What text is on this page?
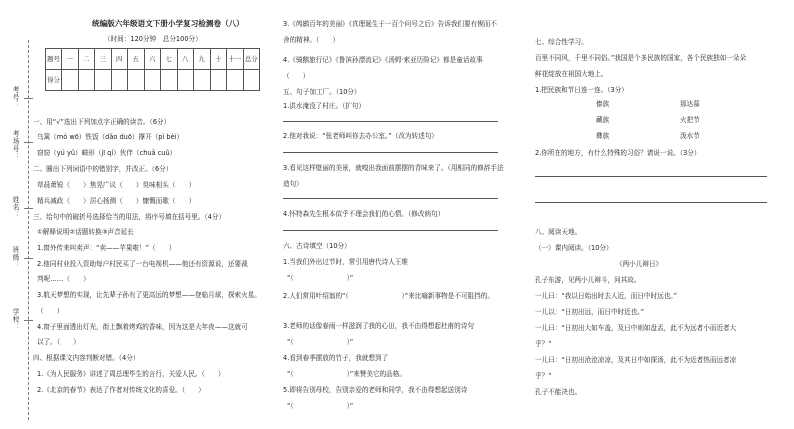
考号：
考场号：
姓名：
班级：
学校：
统编版六年级语文下册小学复习检测卷（八）
（时间：120分钟　总分100分）
题号	一	二	三	四	五	六	七	八	九	十	十一	总分
得分												
一、用“√”选出下列加点字正确的读音。（6分）
乌篱（mó wō）铁饭（dǎo duō）撑开（pì bèi）
窃窃（yú yǔ）畸形（jī qí）伙伴（chuǎ cuǔ）
二、圈出下列词语中的错别字，并改正。（6分）
草晨萧锐（　　）焦晃广议（　　）臭味相头（　　）
精兵减政（　　）居心扬测（　　）慷慨而歌（　　）
三、给句中的破折号选择恰当的用法，将序号填在括号里。（4分）
①解释说明②话题转换③声音延长
1.窗外传来叫卖声：“卖——苹果啦！”（　　）
2.他同村业投入资助每户村民买了一台电视机——他还有资源说，还要裁
判呢……（　　）
3.航天梦想的实现，让先辈子孙有了更高远的梦想——登临月球，探索火星。
（　　）
4.窗子里面透出灯光，街上飘着烤鸡的香味，因为这是大年夜——这就可
以了。（　　）
四、根据课文内容判断对错。（4分）
1.《为人民服务》讲述了周总理毕生的言行，关爱人民。（　　）
2.《北京的春节》表达了作者对传统文化的喜爱。（　　）
3.《鸬鹚百年的美丽》《真理诞生于一百个问号之后》告诉我们要有锲而不
舍的精神。（　　）
4.《骑鹅旅行记》《鲁滨孙漂流记》《汤姆·索亚历险记》都是童话故事
（　　）
五、句子加工厂。（10分）
1.洪水淹没了村庄。（扩句）
2.他对我说：“张老师叫你去办公室。”（改为转述句）
3.看见这样壁丽的美景，就嗅出我面前摆摆的青味来了。（用相同的修辞手法
造句）
4.怀特森先生根本似乎不理会我们的心情。（修改病句）
六、古诗填空（10分）
1.当我们外出过节时，常引用唐代诗人王维
“（　　　　　　　　）”
2.人们常用叶绍翁的“（　　　　　　　　）”来比喻新事物是不可阻挡的。
3.老师的话像春雨一样滋润了我的心田，我不由得想起杜甫的诗句
“（　　　　　　　　）”
4.看到春季摆放的竹子，我就想到了
“（　　　　　　　　）”来赞美它的品格。
5.即将告别母校，告别亲爱的老师和同学，我不由得想起送别诗
“（　　　　　　　　）”
七、综合性学习。
百里不同风，千里不同俗。”我国是个多民族的国家，各个民族独如一朵朵
鲜花绽放在祖国大地上。
1.把民族和节日连一连。（3分）
傣族
藏族
彝族
那达慕
火把节
泼水节
2.你所在的地方，有什么特殊的习俗？请说一说。（3分）
八、阅读天地。
（一）课内阅读。（10分）
《两小儿辩日》
孔子东游，见两小儿辩斗，问其故。
一儿曰：“我以日始出时去人近，而日中时远也。”
一儿以：“日初出远，而日中时近也。”
一儿曰：“日初出大如车盖，及日中则如盘盂，此不为远者小而近者大
乎？”
一儿曰：“日初出沧沧凉凉，及其日中如探汤，此不为近者热而远者凉
乎？”
孔子不能决也。
